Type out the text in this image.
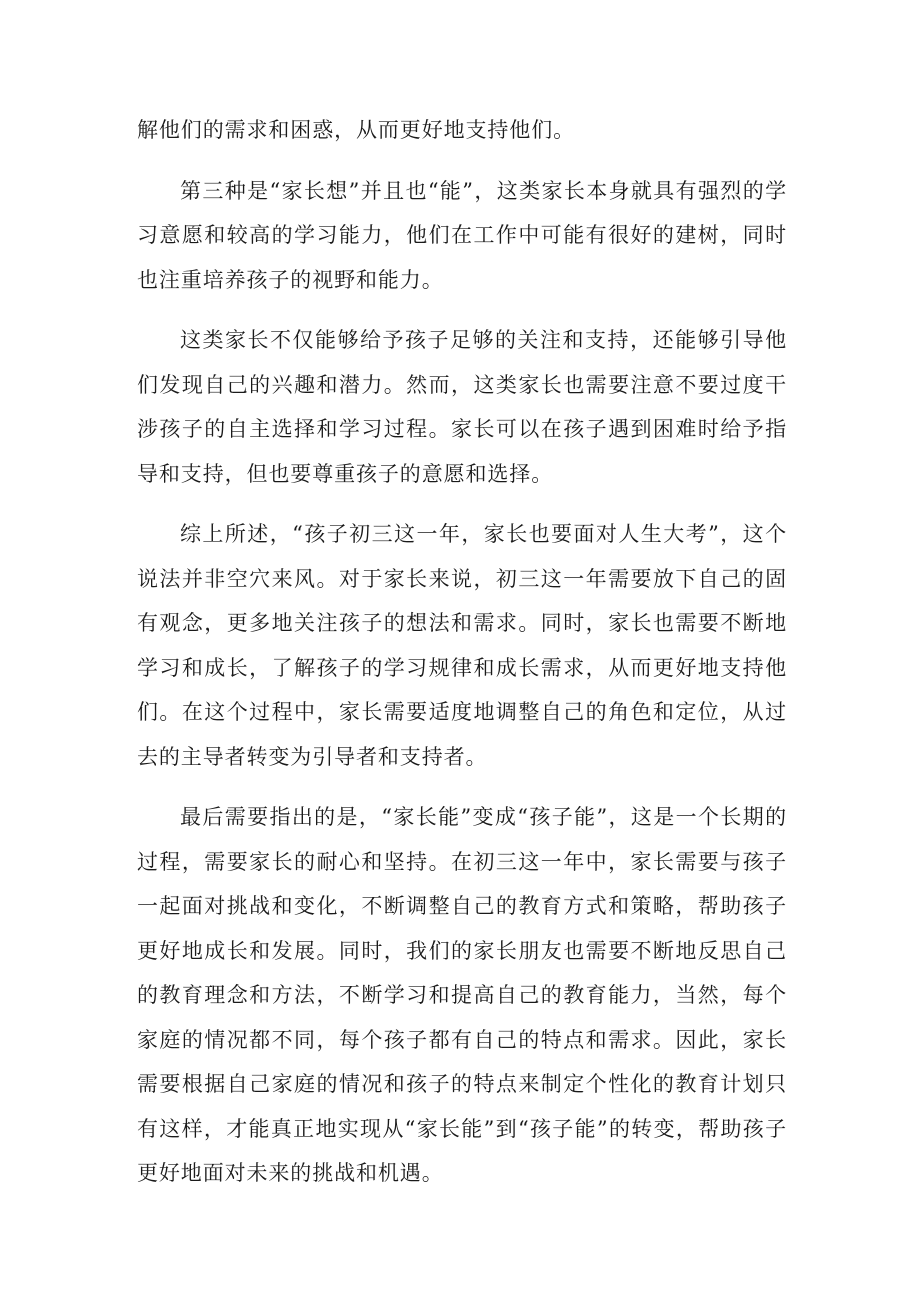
解他们的需求和困惑，从而更好地支持他们。

第三种是“家长想”并且也“能”，这类家长本身就具有强烈的学习意愿和较高的学习能力，他们在工作中可能有很好的建树，同时也注重培养孩子的视野和能力。

这类家长不仅能够给予孩子足够的关注和支持，还能够引导他们发现自己的兴趣和潜力。然而，这类家长也需要注意不要过度干涉孩子的自主选择和学习过程。家长可以在孩子遇到困难时给予指导和支持，但也要尊重孩子的意愿和选择。

综上所述，“孩子初三这一年，家长也要面对人生大考”，这个说法并非空穴来风。对于家长来说，初三这一年需要放下自己的固有观念，更多地关注孩子的想法和需求。同时，家长也需要不断地学习和成长，了解孩子的学习规律和成长需求，从而更好地支持他们。在这个过程中，家长需要适度地调整自己的角色和定位，从过去的主导者转变为引导者和支持者。

最后需要指出的是，“家长能”变成“孩子能”，这是一个长期的过程，需要家长的耐心和坚持。在初三这一年中，家长需要与孩子一起面对挑战和变化，不断调整自己的教育方式和策略，帮助孩子更好地成长和发展。同时，我们的家长朋友也需要不断地反思自己的教育理念和方法，不断学习和提高自己的教育能力，当然，每个家庭的情况都不同，每个孩子都有自己的特点和需求。因此，家长需要根据自己家庭的情况和孩子的特点来制定个性化的教育计划只有这样，才能真正地实现从“家长能”到“孩子能”的转变，帮助孩子更好地面对未来的挑战和机遇。
